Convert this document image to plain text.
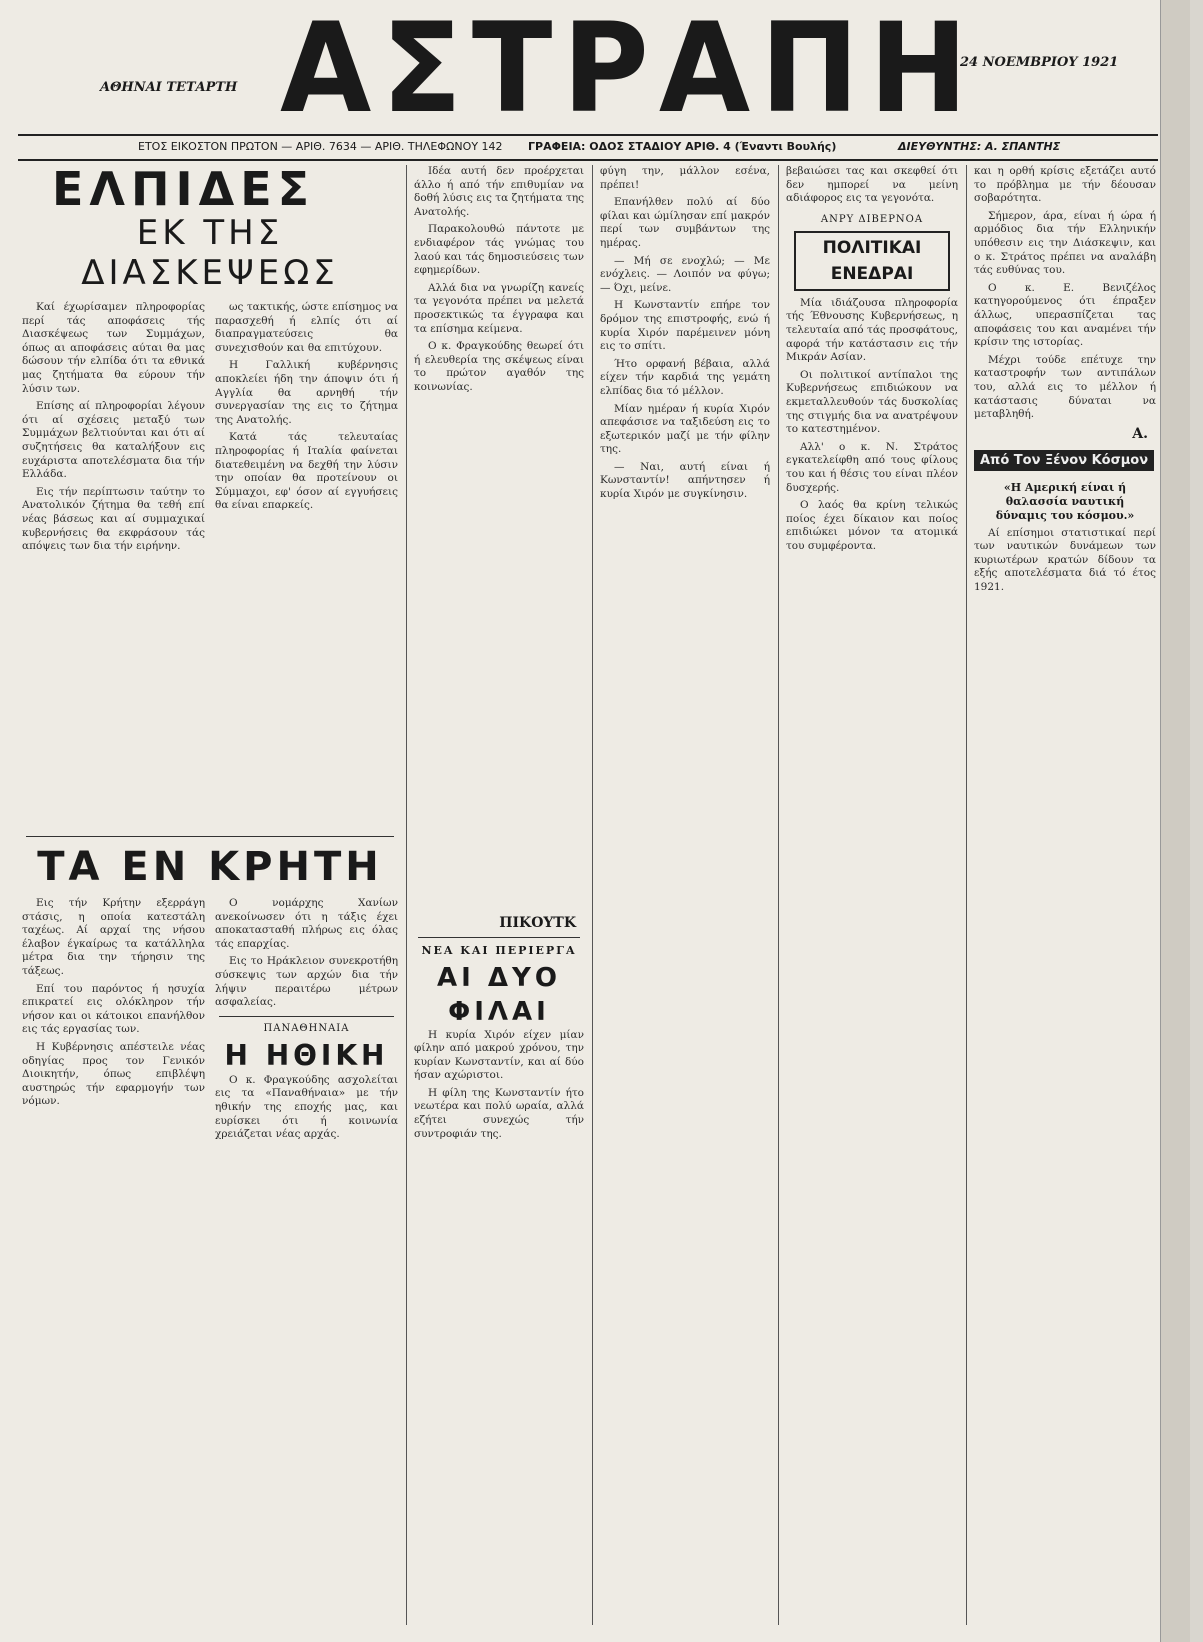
ΑΘΗΝΑΙ ΤΕΤΑΡΤΗ ΑΣΤΡΑΠΗ
24 ΝΟΕΜΒΡΙΟΥ 1921
ΕΤΟΣ ΕΙΚΟΣΤΟΝ ΠΡΩΤΟΝ — ΑΡΙΘ. 7634 — ΑΡΙΘ. ΤΗΛΕΦΩΝΟΥ 142 ΓΡΑΦΕΙΑ: ΟΔΟΣ ΣΤΑΔΙΟΥ ΑΡΙΘ. 4 (Έναντι Βουλής)	ΔΙΕΥΘΥΝΤΗΣ: Α. ΣΠΑΝΤΗΣ
ΕΛΠΙΔΕΣ
ΕΚ ΤΗΣ ΔΙΑΣΚΕΨΕΩΣ

Καί έχωρίσαμεν πληροφορίας περί τάς αποφάσεις τής Διασκέψεως των Συμμάχων, όπως αι αποφάσεις αύται θα μας δώσουν τήν ελπίδα ότι τα εθνικά μας ζητήματα θα εύρουν τήν λύσιν των.

Επίσης αί πληροφορίαι λέγουν ότι αί σχέσεις μεταξύ των Συμμάχων βελτιούνται και ότι αί συζητήσεις θα καταλήξουν εις ευχάριστα αποτελέσματα δια τήν Ελλάδα.

Εις τήν περίπτωσιν ταύτην το Ανατολικόν ζήτημα θα τεθή επί νέας βάσεως και αί συμμαχικαί κυβερνήσεις θα εκφράσουν τάς απόψεις των δια τήν ειρήνην.

ως τακτικής, ώστε επίσημος να παρασχεθή ή ελπίς ότι αί διαπραγματεύσεις θα συνεχισθούν και θα επιτύχουν.

Η Γαλλική κυβέρνησις αποκλείει ήδη την άποψιν ότι ή Αγγλία θα αρνηθή τήν συνεργασίαν της εις το ζήτημα της Ανατολής.

Κατά τάς τελευταίας πληροφορίας ή Ιταλία φαίνεται διατεθειμένη να δεχθή την λύσιν την οποίαν θα προτείνουν οι Σύμμαχοι, εφ' όσον αί εγγυήσεις θα είναι επαρκείς.

ΤΑ ΕΝ ΚΡΗΤΗ

Εις τήν Κρήτην εξερράγη στάσις, η οποία κατεστάλη ταχέως. Αί αρχαί της νήσου έλαβον έγκαίρως τα κατάλληλα μέτρα δια την τήρησιν της τάξεως.

Επί του παρόντος ή ησυχία επικρατεί εις ολόκληρον τήν νήσον και οι κάτοικοι επανήλθον εις τάς εργασίας των.

Η Κυβέρνησις απέστειλε νέας οδηγίας προς τον Γενικόν Διοικητήν, όπως επιβλέψη αυστηρώς τήν εφαρμογήν των νόμων.

Ο νομάρχης Χανίων ανεκοίνωσεν ότι η τάξις έχει αποκατασταθή πλήρως εις όλας τάς επαρχίας.

Εις το Ηράκλειον συνεκροτήθη σύσκεψις των αρχών δια τήν λήψιν περαιτέρω μέτρων ασφαλείας.

ΠΑΝΑΘΗΝΑΙΑ
Η ΗΘΙΚΗ

Ο κ. Φραγκούδης ασχολείται εις τα «Παναθήναια» με τήν ηθικήν της εποχής μας, και ευρίσκει ότι ή κοινωνία χρειάζεται νέας αρχάς.

Ιδέα αυτή δεν προέρχεται άλλο ή από τήν επιθυμίαν να δοθή λύσις εις τα ζητήματα της Ανατολής.

Παρακολουθώ πάντοτε με ενδιαφέρον τάς γνώμας του λαού και τάς δημοσιεύσεις των εφημερίδων.

Αλλά δια να γνωρίζη κανείς τα γεγονότα πρέπει να μελετά προσεκτικώς τα έγγραφα και τα επίσημα κείμενα.

Ο κ. Φραγκούδης θεωρεί ότι ή ελευθερία της σκέψεως είναι το πρώτον αγαθόν της κοινωνίας.

ΠΙΚΟΥΤΚ
ΝΕΑ ΚΑΙ ΠΕΡΙΕΡΓΑ
ΑΙ ΔΥΟ ΦΙΛΑΙ

Η κυρία Χιρόν είχεν μίαν φίλην από μακρού χρόνου, την κυρίαν Κωνσταντίν, και αί δύο ήσαν αχώριστοι.

Η φίλη της Κωνσταντίν ήτο νεωτέρα και πολύ ωραία, αλλά εζήτει συνεχώς τήν συντροφιάν της.

φύγη την, μάλλον εσένα, πρέπει!

Επανήλθεν πολύ αί δύο φίλαι και ώμίλησαν επί μακρόν περί των συμβάντων της ημέρας.

— Μή σε ενοχλώ; — Με ενόχλεις. — Λοιπόν να φύγω; — Όχι, μείνε.

Η Κωνσταντίν επήρε τον δρόμον της επιστροφής, ενώ ή κυρία Χιρόν παρέμεινεν μόνη εις το σπίτι.

Ήτο ορφανή βέβαια, αλλά είχεν τήν καρδιά της γεμάτη ελπίδας δια τό μέλλον.

Μίαν ημέραν ή κυρία Χιρόν απεφάσισε να ταξιδεύση εις το εξωτερικόν μαζί με τήν φίλην της.

— Ναι, αυτή είναι ή Κωνσταντίν! απήντησεν ή κυρία Χιρόν με συγκίνησιν.

βεβαιώσει τας και σκεφθεί ότι δεν ημπορεί να μείνη αδιάφορος εις τα γεγονότα.

ΑΝΡΥ ΔΙΒΕΡΝΟΑ
ΠΟΛΙΤΙΚΑΙ ΕΝΕΔΡΑΙ

Μία ιδιάζουσα πληροφορία τής Έθνουσης Κυβερνήσεως, η τελευταία από τάς προσφάτους, αφορά τήν κατάστασιν εις τήν Μικράν Ασίαν.

Οι πολιτικοί αντίπαλοι της Κυβερνήσεως επιδιώκουν να εκμεταλλευθούν τάς δυσκολίας της στιγμής δια να ανατρέψουν το κατεστημένον.

Αλλ' ο κ. Ν. Στράτος εγκατελείφθη από τους φίλους του και ή θέσις του είναι πλέον δυσχερής.

Ο λαός θα κρίνη τελικώς ποίος έχει δίκαιον και ποίος επιδιώκει μόνον τα ατομικά του συμφέροντα.

και η ορθή κρίσις εξετάζει αυτό το πρόβλημα με τήν δέουσαν σοβαρότητα.

Σήμερον, άρα, είναι ή ώρα ή αρμόδιος δια τήν Ελληνικήν υπόθεσιν εις την Διάσκεψιν, και ο κ. Στράτος πρέπει να αναλάβη τάς ευθύνας του.

Ο κ. Ε. Βενιζέλος κατηγορούμενος ότι έπραξεν άλλως, υπερασπίζεται τας αποφάσεις του και αναμένει τήν κρίσιν της ιστορίας.

Μέχρι τούδε επέτυχε την καταστροφήν των αντιπάλων του, αλλά εις το μέλλον ή κατάστασις δύναται να μεταβληθή.

Α.
Από Τον Ξένον Κόσμον
«Η Αμερική είναι ή θαλασσία ναυτική δύναμις του κόσμου.»

Αί επίσημοι στατιστικαί περί των ναυτικών δυνάμεων των κυριωτέρων κρατών δίδουν τα εξής αποτελέσματα διά τό έτος 1921.
